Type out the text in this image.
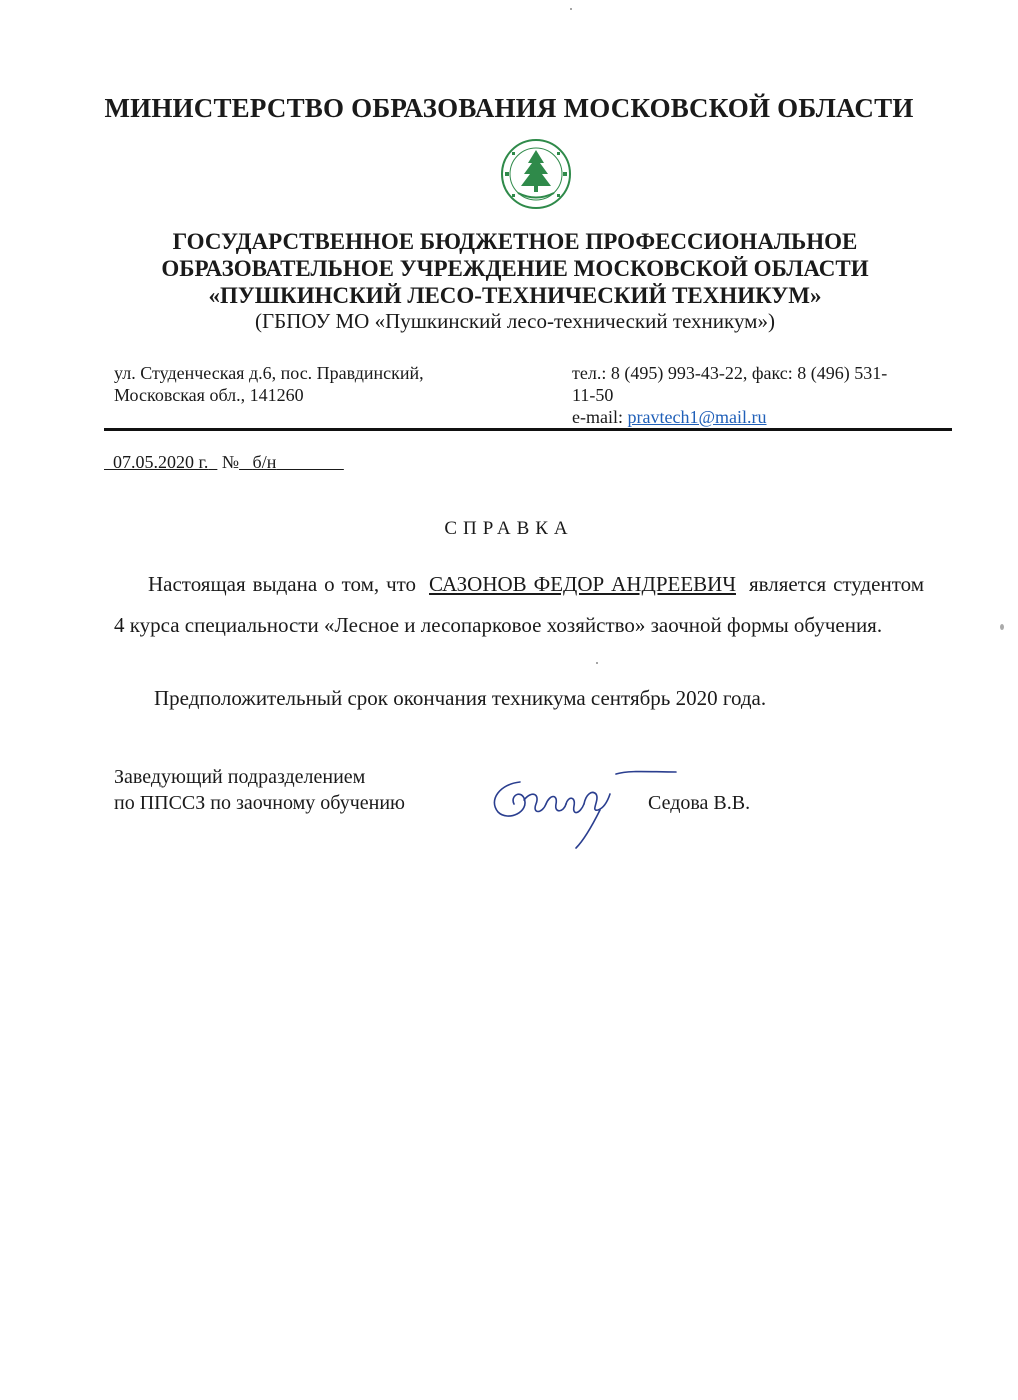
МИНИСТЕРСТВО ОБРАЗОВАНИЯ МОСКОВСКОЙ ОБЛАСТИ
ГОСУДАРСТВЕННОЕ БЮДЖЕТНОЕ ПРОФЕССИОНАЛЬНОЕ
ОБРАЗОВАТЕЛЬНОЕ УЧРЕЖДЕНИЕ МОСКОВСКОЙ ОБЛАСТИ
«ПУШКИНСКИЙ ЛЕСО-ТЕХНИЧЕСКИЙ ТЕХНИКУМ»
(ГБПОУ МО «Пушкинский лесо-технический техникум»)
ул. Студенческая д.6, пос. Правдинский,
Московская обл., 141260
тел.: 8 (495) 993-43-22, факс: 8 (496) 531-
11-50
e-mail: pravtech1@mail.ru
07.05.2020 г. № б/н
СПРАВКА
Настоящая выдана о том, что САЗОНОВ ФЕДОР АНДРЕЕВИЧ является студентом 4 курса специальности «Лесное и лесопарковое хозяйство» заочной формы обучения.
Предположительный срок окончания техникума сентябрь 2020 года.
Заведующий подразделением
по ППССЗ по заочному обучению	Седова В.В.
